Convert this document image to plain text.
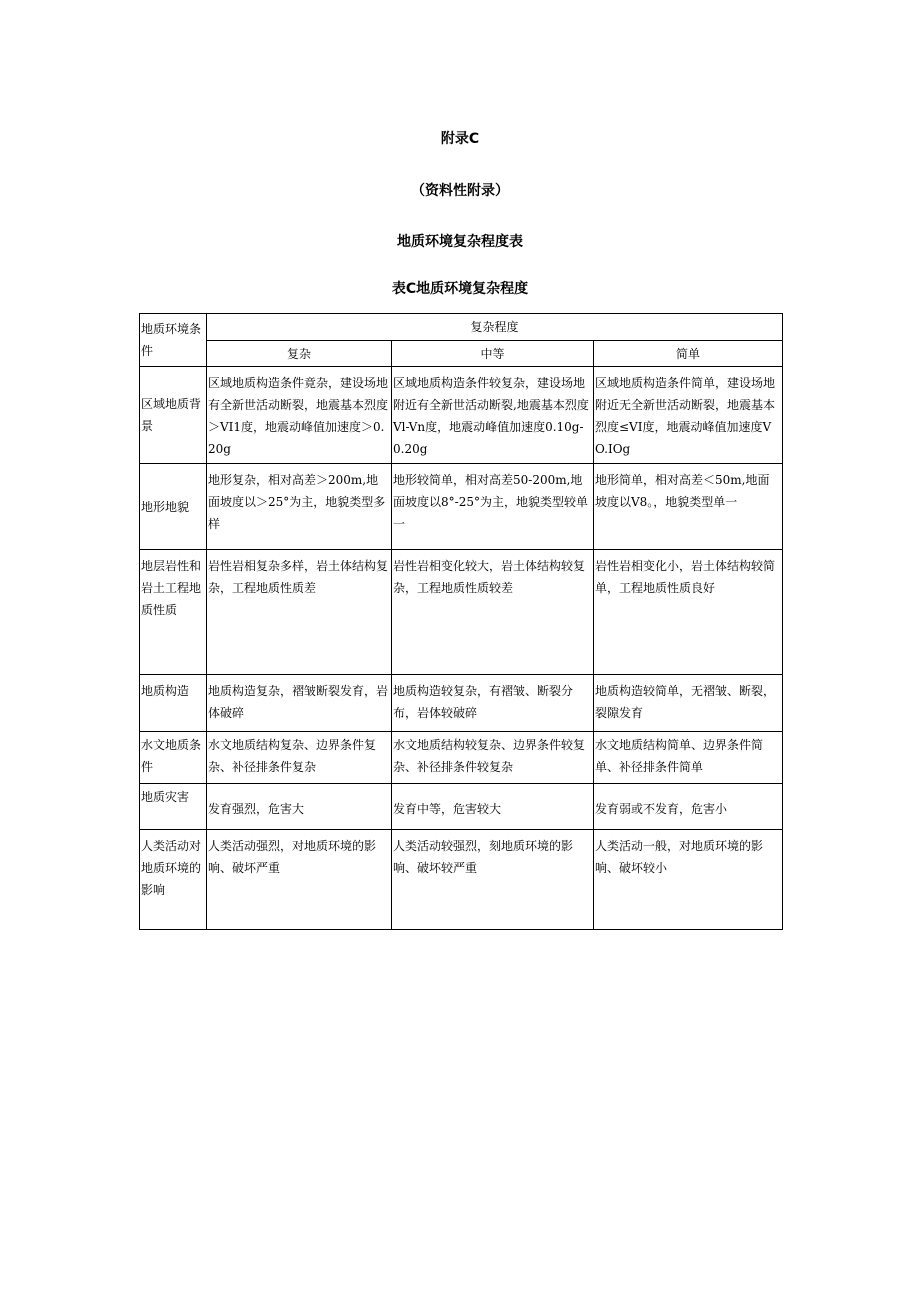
附录C
（资料性附录）
地质环境复杂程度表
表C地质环境复杂程度
地质环境条件	复杂程度		
	复杂	中等	简单
区域地质背景	区域地质构造条件竟杂，建设场地有全新世活动断裂，地震基本烈度＞VI1度，地震动峰值加速度＞0.20g	区域地质构造条件较复杂，建设场地附近有全新世活动断裂,地震基本烈度Vl-Vn度，地震动峰值加速度0.10g-0.20g	区域地质构造条件简单，建设场地附近无全新世活动断裂，地震基本烈度≤VI度，地震动峰值加速度VO.IOg
地形地貌	地形复杂，相对高差＞200m,地面坡度以＞25°为主，地貌类型多样	地形较简单，相对高差50-200m,地面坡度以8°-25°为主，地貌类型较单一	地形简单，相对高差＜50m,地面坡度以V8。，地貌类型单一
地层岩性和岩土工程地质性质	岩性岩相复杂多样，岩土体结构复杂，工程地质性质差	岩性岩相变化较大，岩土体结构较复杂，工程地质性质较差	岩性岩相变化小，岩土体结构较简单，工程地质性质良好
地质构造	地质构造复杂，褶皱断裂发育，岩体破碎	地质构造较复杂，有褶皱、断裂分布，岩体较破碎	地质构造较简单，无褶皱、断裂，裂隙发育
水文地质条件	水文地质结构复杂、边界条件复杂、补径排条件复杂	水文地质结构较复杂、边界条件较复杂、补径排条件较复杂	水文地质结构简单、边界条件简单、补径排条件简单
地质灾害	发育强烈，危害大	发育中等，危害较大	发育弱或不发育，危害小
人类活动对地质环境的影响	人类活动强烈，对地质环境的影响、破坏严重	人类活动较强烈，刻地质环境的影响、破坏较严重	人类活动一般，对地质环境的影响、破坏较小
